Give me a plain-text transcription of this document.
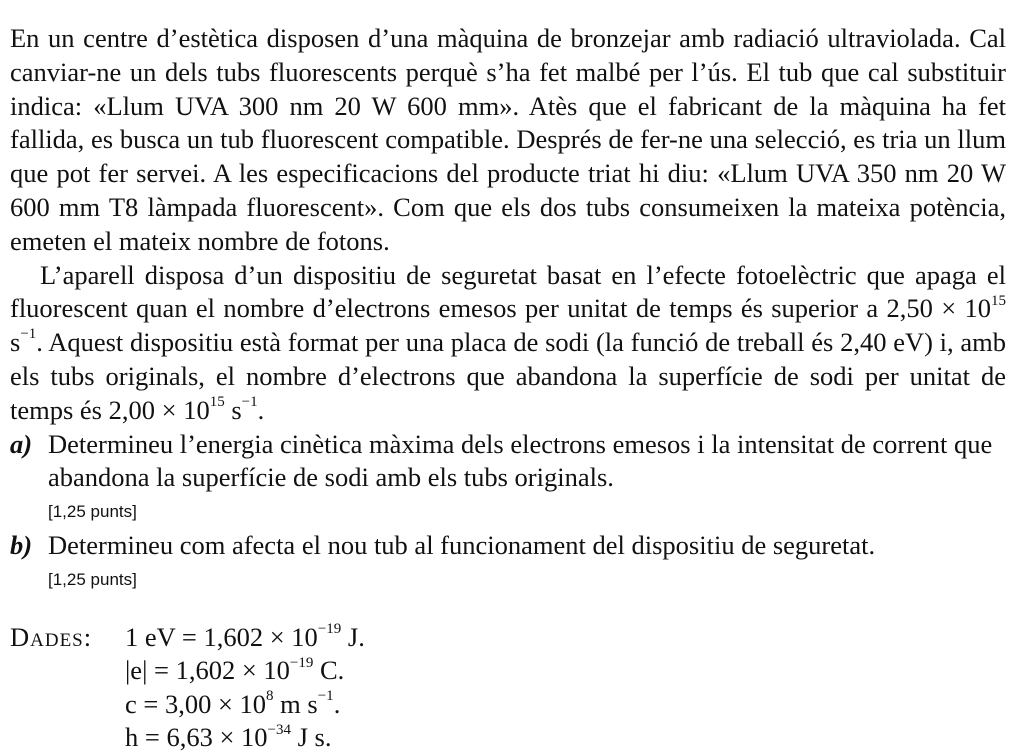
En un centre d’estètica disposen d’una màquina de bronzejar amb radiació ultraviolada. Cal canviar-ne un dels tubs fluorescents perquè s’ha fet malbé per l’ús. El tub que cal substituir indica: «Llum UVA 300 nm 20 W 600 mm». Atès que el fabricant de la màquina ha fet fallida, es busca un tub fluorescent compatible. Després de fer-ne una selecció, es tria un llum que pot fer servei. A les especificacions del producte triat hi diu: «Llum UVA 350 nm 20 W 600 mm T8 làmpada fluorescent». Com que els dos tubs consumeixen la mateixa potència, emeten el mateix nombre de fotons.

L’aparell disposa d’un dispositiu de seguretat basat en l’efecte fotoelèctric que apaga el fluorescent quan el nombre d’electrons emesos per unitat de temps és superior a $2,50 \times 10^{15}$ $s^{-1}$. Aquest dispositiu està format per una placa de sodi (la funció de treball és 2,40 eV) i, amb els tubs originals, el nombre d’electrons que abandona la superfície de sodi per unitat de temps és $2,00 \times 10^{15}$ $s^{-1}$.

a) Determineu l’energia cinètica màxima dels electrons emesos i la intensitat de corrent que abandona la superfície de sodi amb els tubs originals.
[1,25 punts]
b) Determineu com afecta el nou tub al funcionament del dispositiu de seguretat.
[1,25 punts]
Dades: 1 eV = $1,602 \times 10^{-19}$ J.
$|e| = 1,602 \times 10^{-19}$ C.
$c = 3,00 \times 10^8$ m $s^{-1}$.
$h = 6,63 \times 10^{-34}$ J s.
